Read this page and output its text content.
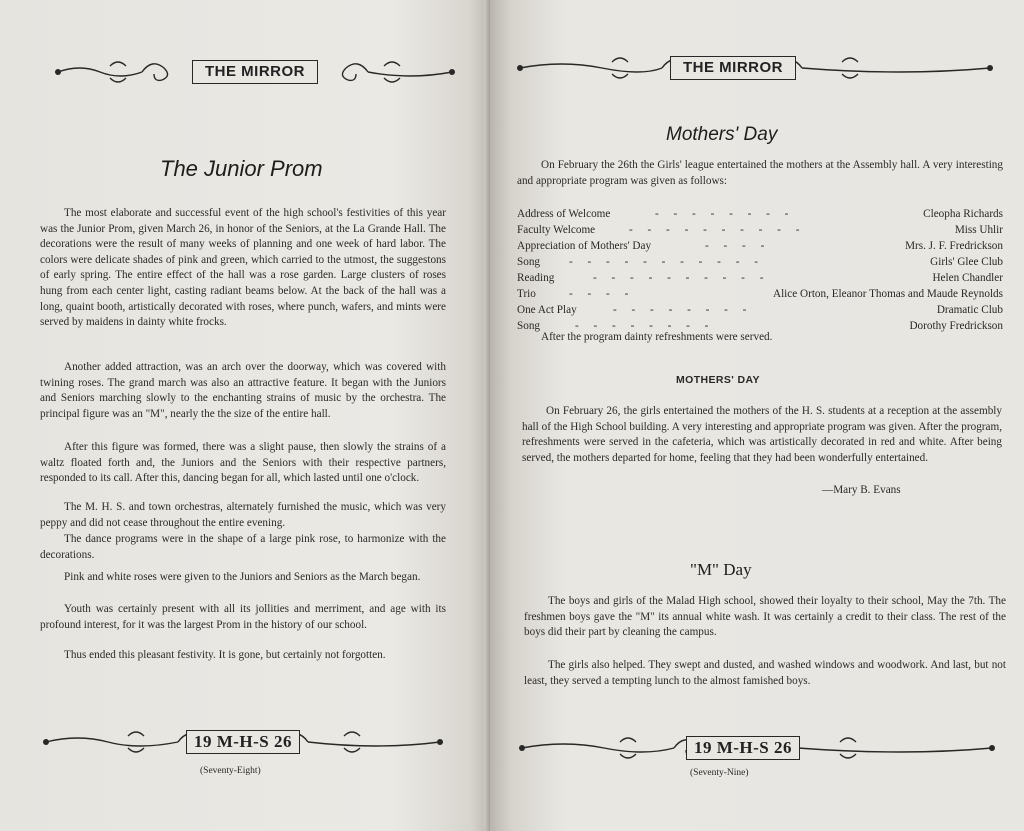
THE MIRROR
The Junior Prom
The most elaborate and successful event of the high school's festivities of this year was the Junior Prom, given March 26, in honor of the Seniors, at the La Grande Hall. The decorations were the result of many weeks of planning and one week of hard labor. The colors were delicate shades of pink and green, which carried to the utmost, the suggestons of early spring. The entire effect of the hall was a rose garden. Large clusters of roses hung from each center light, casting radiant beams below. At the back of the hall was a long, quaint booth, artistically decorated with roses, where punch, wafers, and mints were served by maidens in dainty white frocks.
Another added attraction, was an arch over the doorway, which was covered with twining roses. The grand march was also an attractive feature. It began with the Juniors and Seniors marching slowly to the enchanting strains of music by the orchestra. The principal figure was an "M", nearly the the size of the entire hall.
After this figure was formed, there was a slight pause, then slowly the strains of a waltz floated forth and, the Juniors and the Seniors with their respective partners, responded to its call. After this, dancing began for all, which lasted until one o'clock.
The M. H. S. and town orchestras, alternately furnished the music, which was very peppy and did not cease throughout the entire evening.
The dance programs were in the shape of a large pink rose, to harmonize with the decorations.
Pink and white roses were given to the Juniors and Seniors as the March began.
Youth was certainly present with all its jollities and merriment, and age with its profound interest, for it was the largest Prom in the history of our school.
Thus ended this pleasant festivity. It is gone, but certainly not forgotten.
19 M-H-S 26
(Seventy-Eight)
THE MIRROR
Mothers' Day
On February the 26th the Girls' league entertained the mothers at the Assembly hall. A very interesting and appropriate program was given as follows:
Address of Welcome	- - - - - - - -	Cleopha Richards
Faculty Welcome	- - - - - - - - - -	Miss Uhlir
Appreciation of Mothers' Day	- - - -	Mrs. J. F. Fredrickson
Song	- - - - - - - - - - -	Girls' Glee Club
Reading	- - - - - - - - - -	Helen Chandler
Trio	- - - -	Alice Orton, Eleanor Thomas and Maude Reynolds
One Act Play	- - - - - - - -	Dramatic Club
Song	- - - - - - - -	Dorothy Fredrickson
After the program dainty refreshments were served.
MOTHERS' DAY
On February 26, the girls entertained the mothers of the H. S. students at a reception at the assembly hall of the High School building. A very interesting and appropriate program was given. After the program, refreshments were served in the cafeteria, which was artistically decorated in red and white. After being served, the mothers departed for home, feeling that they had been wonderfully entertained.
—Mary B. Evans
"M" Day
The boys and girls of the Malad High school, showed their loyalty to their school, May the 7th. The freshmen boys gave the "M" its annual white wash. It was certainly a credit to their class. The rest of the boys did their part by cleaning the campus.
The girls also helped. They swept and dusted, and washed windows and woodwork. And last, but not least, they served a tempting lunch to the almost famished boys.
19 M-H-S 26
(Seventy-Nine)
